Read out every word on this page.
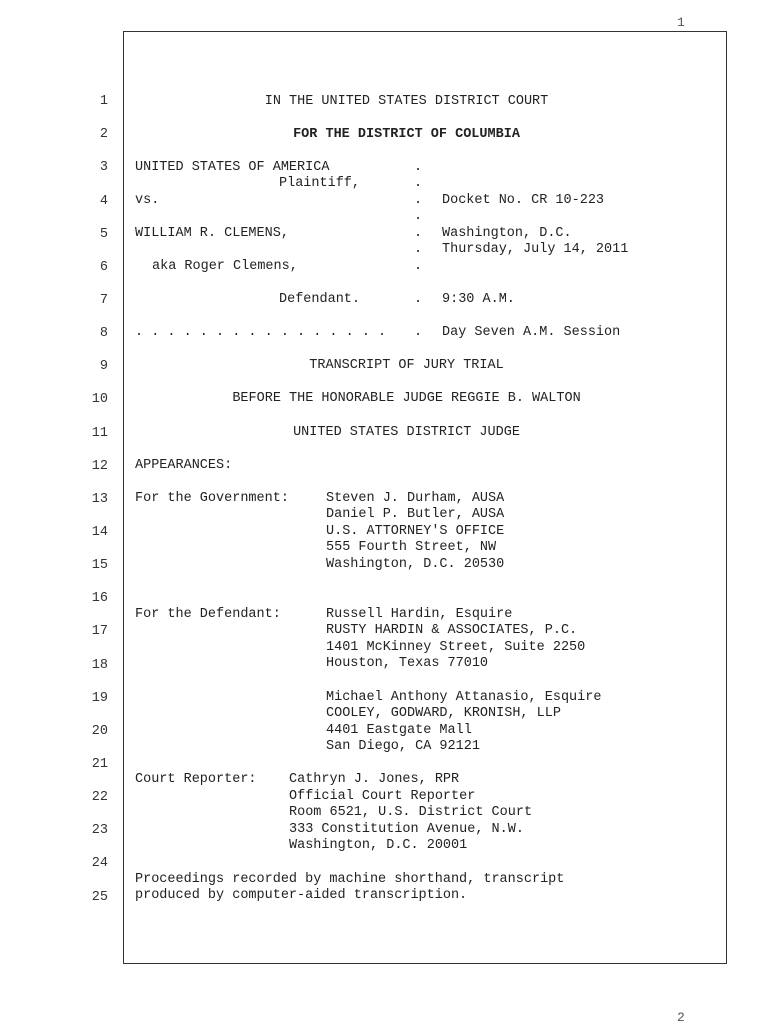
1
1
2
3
4
5
6
7
8
9
10
11
12
13
14
15
16
17
18
19
20
21
22
23
24
25
IN THE UNITED STATES DISTRICT COURT
FOR THE DISTRICT OF COLUMBIA
UNITED STATES OF AMERICA
Plaintiff,
vs.
WILLIAM R. CLEMENS,
aka Roger Clemens,
Defendant.
. . . . . . . . . . . . . . . .
.
.
.
.
.
.
.
.
.
Docket No. CR 10-223
Washington, D.C.
Thursday, July 14, 2011
9:30 A.M.
Day Seven A.M. Session
TRANSCRIPT OF JURY TRIAL
BEFORE THE HONORABLE JUDGE REGGIE B. WALTON
UNITED STATES DISTRICT JUDGE
APPEARANCES:
For the Government:	Steven J. Durham, AUSA
Daniel P. Butler, AUSA
U.S. ATTORNEY'S OFFICE
555 Fourth Street, NW
Washington, D.C. 20530
For the Defendant:	Russell Hardin, Esquire
RUSTY HARDIN & ASSOCIATES, P.C.
1401 McKinney Street, Suite 2250
Houston, Texas 77010
Michael Anthony Attanasio, Esquire
COOLEY, GODWARD, KRONISH, LLP
4401 Eastgate Mall
San Diego, CA 92121
Court Reporter: Cathryn J. Jones, RPR
Official Court Reporter
Room 6521, U.S. District Court
333 Constitution Avenue, N.W.
Washington, D.C. 20001
Proceedings recorded by machine shorthand, transcript
produced by computer-aided transcription.
2
